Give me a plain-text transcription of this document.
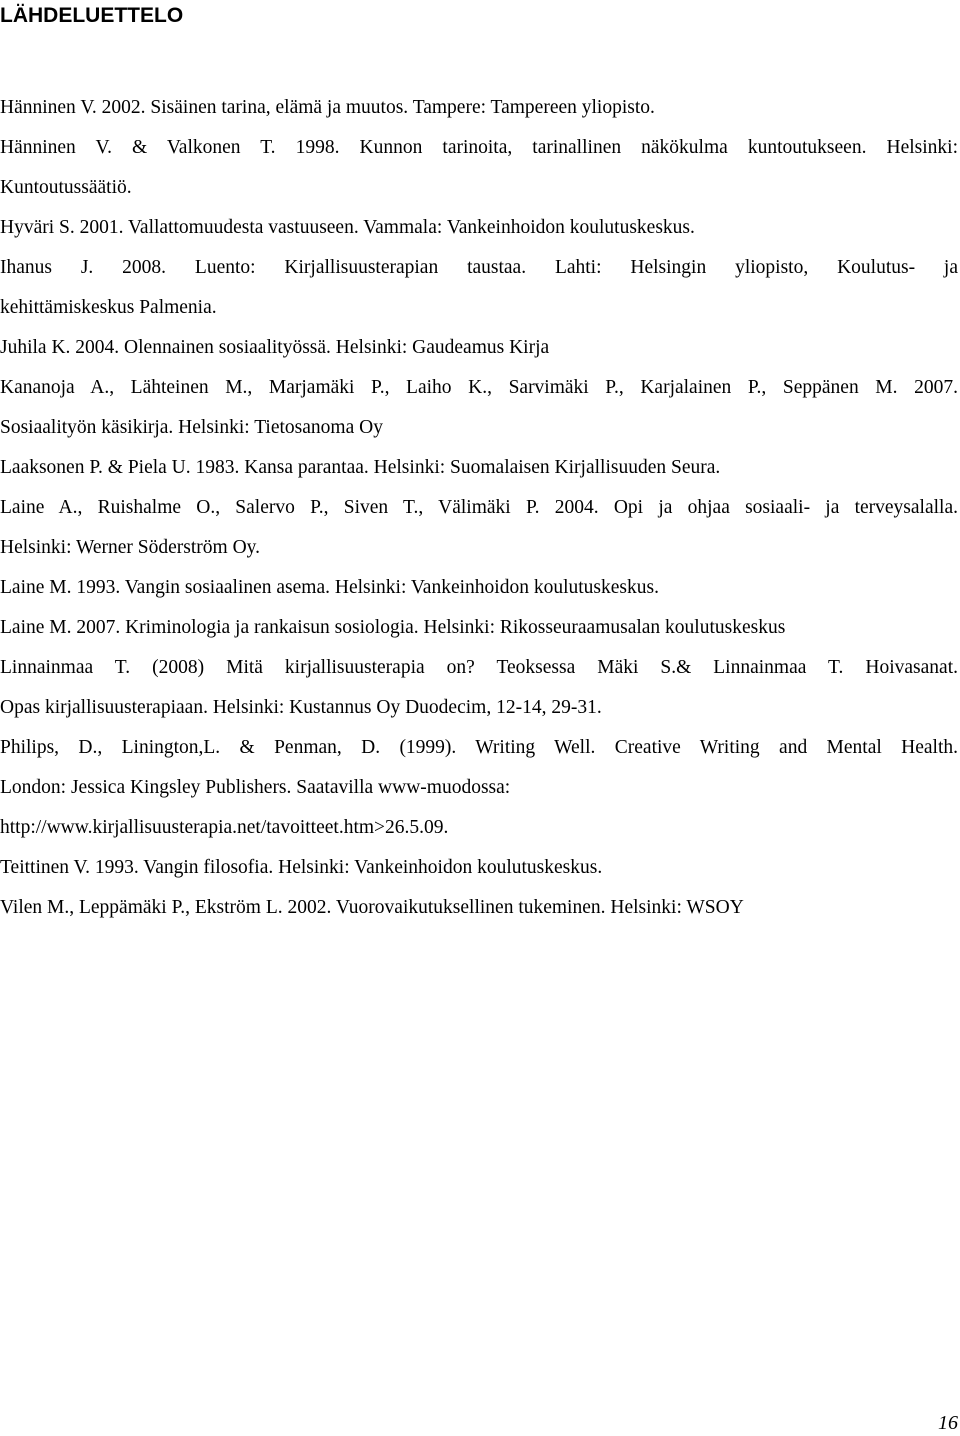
LÄHDELUETTELO
Hänninen V. 2002. Sisäinen tarina, elämä ja muutos. Tampere: Tampereen yliopisto.
Hänninen V. & Valkonen T. 1998. Kunnon tarinoita, tarinallinen näkökulma kuntoutukseen. Helsinki:
Kuntoutussäätiö.
Hyväri S. 2001. Vallattomuudesta vastuuseen. Vammala: Vankeinhoidon koulutuskeskus.
Ihanus J. 2008. Luento: Kirjallisuusterapian taustaa. Lahti: Helsingin yliopisto, Koulutus- ja
kehittämiskeskus Palmenia.
Juhila K. 2004. Olennainen sosiaalityössä. Helsinki: Gaudeamus Kirja
Kananoja A., Lähteinen M., Marjamäki P., Laiho K., Sarvimäki P., Karjalainen P., Seppänen M. 2007.
Sosiaalityön käsikirja. Helsinki: Tietosanoma Oy
Laaksonen P. & Piela U. 1983. Kansa parantaa. Helsinki: Suomalaisen Kirjallisuuden Seura.
Laine A., Ruishalme O., Salervo P., Siven T., Välimäki P. 2004. Opi ja ohjaa sosiaali- ja terveysalalla.
Helsinki: Werner Söderström Oy.
Laine M. 1993. Vangin sosiaalinen asema. Helsinki: Vankeinhoidon koulutuskeskus.
Laine M. 2007. Kriminologia ja rankaisun sosiologia. Helsinki: Rikosseuraamusalan koulutuskeskus
Linnainmaa T. (2008) Mitä kirjallisuusterapia on? Teoksessa Mäki S.& Linnainmaa T. Hoivasanat.
Opas kirjallisuusterapiaan. Helsinki: Kustannus Oy Duodecim, 12-14, 29-31.
Philips, D., Linington,L. & Penman, D. (1999). Writing Well. Creative Writing and Mental Health.
London: Jessica Kingsley Publishers. Saatavilla www-muodossa:
http://www.kirjallisuusterapia.net/tavoitteet.htm>26.5.09.
Teittinen V. 1993. Vangin filosofia. Helsinki: Vankeinhoidon koulutuskeskus.
Vilen M., Leppämäki P., Ekström L. 2002. Vuorovaikutuksellinen tukeminen. Helsinki: WSOY
16
